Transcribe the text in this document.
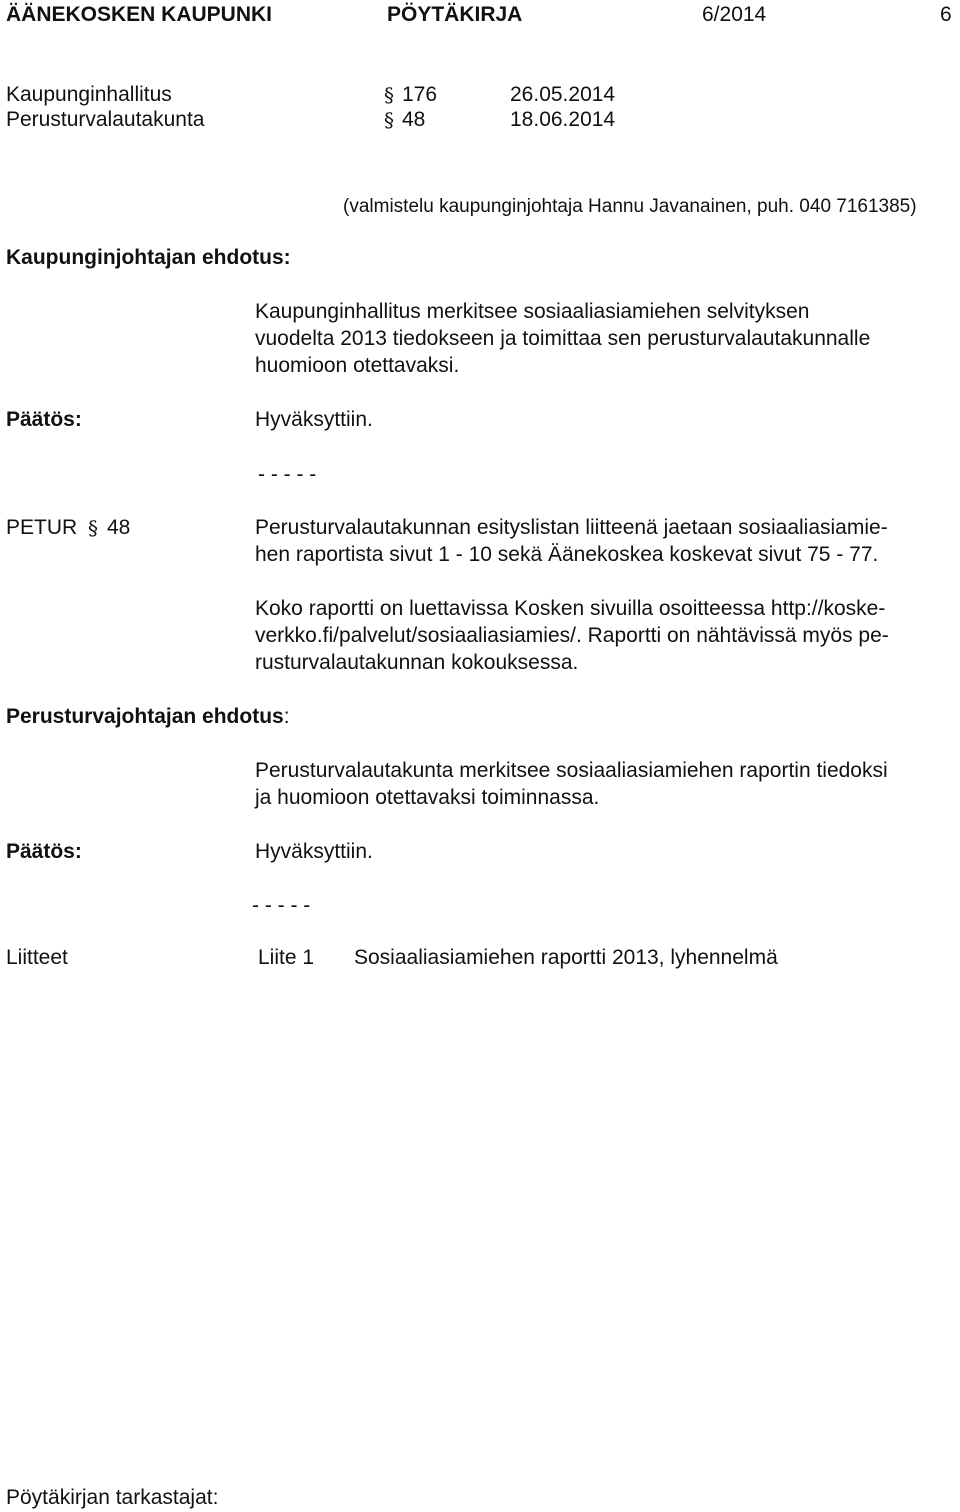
ÄÄNEKOSKEN KAUPUNKI	PÖYTÄKIRJA	6/2014	6
Kaupunginhallitus	§ 176	26.05.2014
Perusturvalautakunta	§ 48	18.06.2014
(valmistelu kaupunginjohtaja Hannu Javanainen, puh. 040 7161385)
Kaupunginjohtajan ehdotus:
Kaupunginhallitus merkitsee sosiaaliasiamiehen selvityksen
vuodelta 2013 tiedokseen ja toimittaa sen perusturvalautakunnalle
huomioon otettavaksi.
Päätös:	Hyväksyttiin.
- - - - -
PETUR § 48	Perusturvalautakunnan esityslistan liitteenä jaetaan sosiaaliasiamie-
hen raportista sivut 1 - 10 sekä Äänekoskea koskevat sivut 75 - 77.
Koko raportti on luettavissa Kosken sivuilla osoitteessa http://koske-
verkko.fi/palvelut/sosiaaliasiamies/. Raportti on nähtävissä myös pe-
rusturvalautakunnan kokouksessa.
Perusturvajohtajan ehdotus:
Perusturvalautakunta merkitsee sosiaaliasiamiehen raportin tiedoksi
ja huomioon otettavaksi toiminnassa.
Päätös:	Hyväksyttiin.
- - - - -
Liitteet	Liite 1 Sosiaaliasiamiehen raportti 2013, lyhennelmä
Pöytäkirjan tarkastajat:
